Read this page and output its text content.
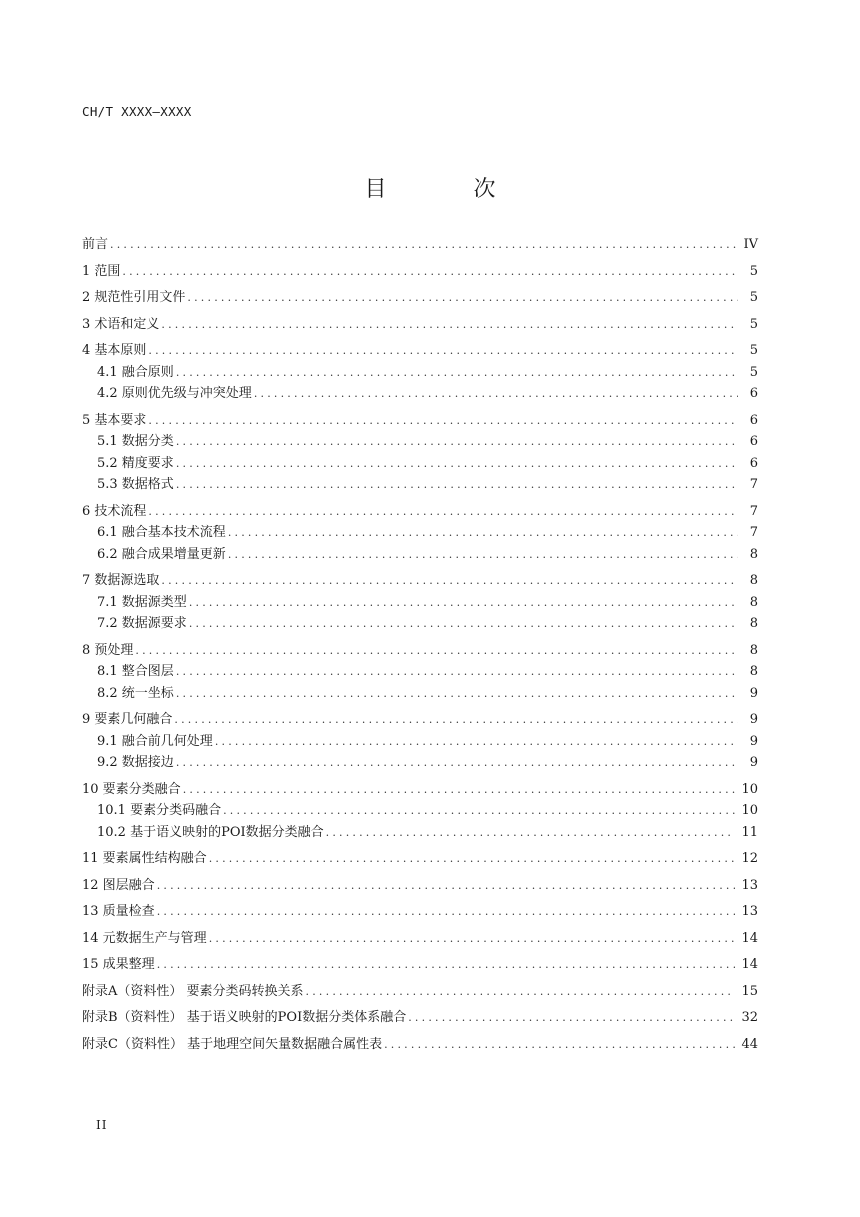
CH/T XXXX—XXXX
目 次
前言 .....	IV
1 范围 .....	5
2 规范性引用文件 .....	5
3 术语和定义 .....	5
4 基本原则 .....	5
4.1 融合原则 .....	5
4.2 原则优先级与冲突处理 .....	6
5 基本要求 .....	6
5.1 数据分类 .....	6
5.2 精度要求 .....	6
5.3 数据格式 .....	7
6 技术流程 .....	7
6.1 融合基本技术流程 .....	7
6.2 融合成果增量更新 .....	8
7 数据源选取 .....	8
7.1 数据源类型 .....	8
7.2 数据源要求 .....	8
8 预处理 .....	8
8.1 整合图层 .....	8
8.2 统一坐标 .....	9
9 要素几何融合 .....	9
9.1 融合前几何处理 .....	9
9.2 数据接边 .....	9
10 要素分类融合 .....	10
10.1 要素分类码融合 .....	10
10.2 基于语义映射的POI数据分类融合 .....	11
11 要素属性结构融合 .....	12
12 图层融合 .....	13
13 质量检查 .....	13
14 元数据生产与管理 .....	14
15 成果整理 .....	14
附录A（资料性） 要素分类码转换关系 .....	15
附录B（资料性） 基于语义映射的POI数据分类体系融合 .....	32
附录C（资料性） 基于地理空间矢量数据融合属性表 .....	44
II
